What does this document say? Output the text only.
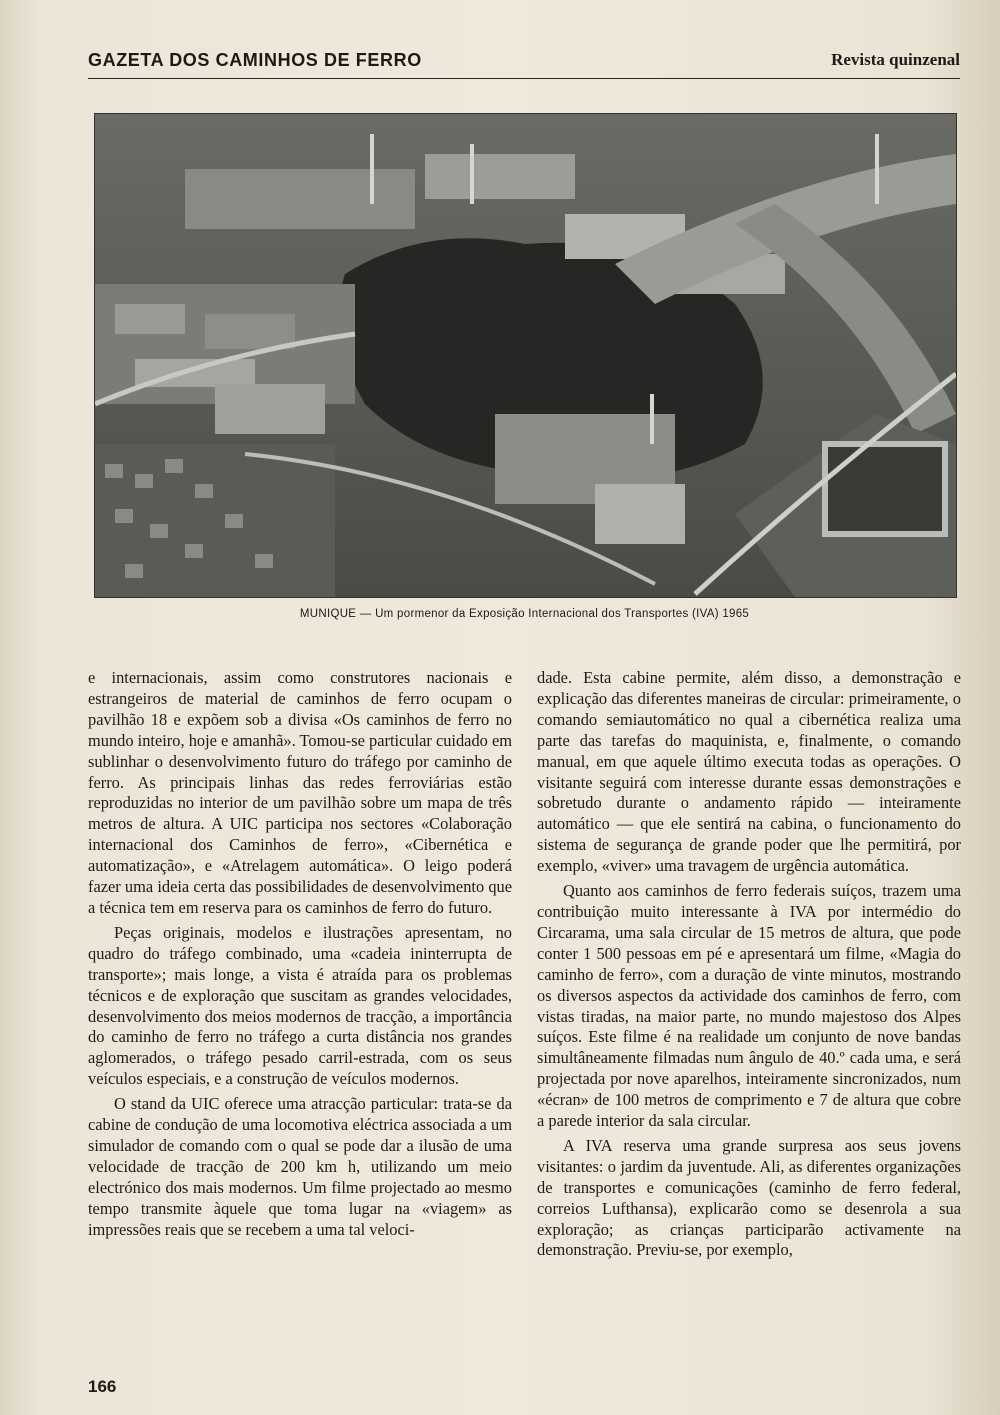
GAZETA DOS CAMINHOS DE FERRO	Revista quinzenal
MUNIQUE — Um pormenor da Exposição Internacional dos Transportes (IVA) 1965

e internacionais, assim como construtores nacionais e estrangeiros de material de caminhos de ferro ocupam o pavilhão 18 e expõem sob a divisa «Os caminhos de ferro no mundo inteiro, hoje e amanhã». Tomou-se particular cuidado em sublinhar o desenvolvimento futuro do tráfego por caminho de ferro. As principais linhas das redes ferroviárias estão reproduzidas no interior de um pavilhão sobre um mapa de três metros de altura. A UIC participa nos sectores «Colaboração internacional dos Caminhos de ferro», «Cibernética e automatização», e «Atrelagem automática». O leigo poderá fazer uma ideia certa das possibilidades de desenvolvimento que a técnica tem em reserva para os caminhos de ferro do futuro.

Peças originais, modelos e ilustrações apresentam, no quadro do tráfego combinado, uma «cadeia ininterrupta de transporte»; mais longe, a vista é atraída para os problemas técnicos e de exploração que suscitam as grandes velocidades, desenvolvimento dos meios modernos de tracção, a importância do caminho de ferro no tráfego a curta distância nos grandes aglomerados, o tráfego pesado carril-estrada, com os seus veículos especiais, e a construção de veículos modernos.

O stand da UIC oferece uma atracção particular: trata-se da cabine de condução de uma locomotiva eléctrica associada a um simulador de comando com o qual se pode dar a ilusão de uma velocidade de tracção de 200 km h, utilizando um meio electrónico dos mais modernos. Um filme projectado ao mesmo tempo transmite àquele que toma lugar na «viagem» as impressões reais que se recebem a uma tal veloci-

dade. Esta cabine permite, além disso, a demonstração e explicação das diferentes maneiras de circular: primeiramente, o comando semiautomático no qual a cibernética realiza uma parte das tarefas do maquinista, e, finalmente, o comando manual, em que aquele último executa todas as operações. O visitante seguirá com interesse durante essas demonstrações e sobretudo durante o andamento rápido — inteiramente automático — que ele sentirá na cabina, o funcionamento do sistema de segurança de grande poder que lhe permitirá, por exemplo, «viver» uma travagem de urgência automática.

Quanto aos caminhos de ferro federais suíços, trazem uma contribuição muito interessante à IVA por intermédio do Circarama, uma sala circular de 15 metros de altura, que pode conter 1 500 pessoas em pé e apresentará um filme, «Magia do caminho de ferro», com a duração de vinte minutos, mostrando os diversos aspectos da actividade dos caminhos de ferro, com vistas tiradas, na maior parte, no mundo majestoso dos Alpes suíços. Este filme é na realidade um conjunto de nove bandas simultâneamente filmadas num ângulo de 40.º cada uma, e será projectada por nove aparelhos, inteiramente sincronizados, num «écran» de 100 metros de comprimento e 7 de altura que cobre a parede interior da sala circular.

A IVA reserva uma grande surpresa aos seus jovens visitantes: o jardim da juventude. Ali, as diferentes organizações de transportes e comunicações (caminho de ferro federal, correios Lufthansa), explicarão como se desenrola a sua exploração; as crianças participarão activamente na demonstração. Previu-se, por exemplo,

166
